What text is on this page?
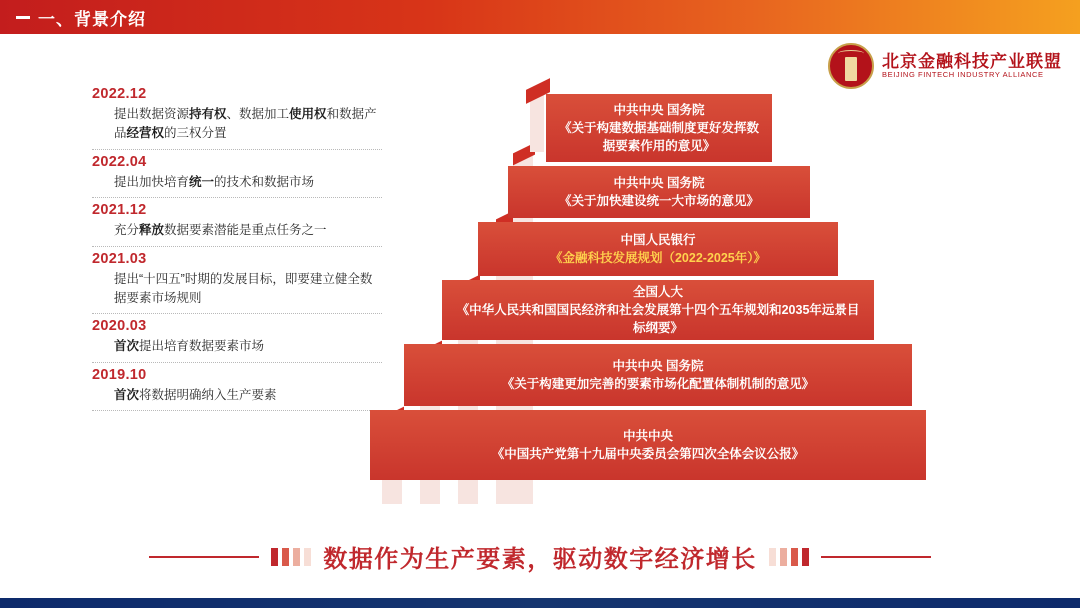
一、背景介绍
北京金融科技产业联盟
BEIJING FINTECH INDUSTRY ALLIANCE
2022.12
提出数据资源持有权、数据加工使用权和数据产品经营权的三权分置
2022.04
提出加快培育统一的技术和数据市场
2021.12
充分释放数据要素潜能是重点任务之一
2021.03
提出“十四五”时期的发展目标，即要建立健全数据要素市场规则
2020.03
首次提出培育数据要素市场
2019.10
首次将数据明确纳入生产要素
中共中央 国务院
《关于构建数据基础制度更好发挥数据要素作用的意见》
中共中央 国务院
《关于加快建设统一大市场的意见》
中国人民银行
《金融科技发展规划（2022-2025年）》
全国人大
《中华人民共和国国民经济和社会发展第十四个五年规划和2035年远景目标纲要》
中共中央 国务院
《关于构建更加完善的要素市场化配置体制机制的意见》
中共中央
《中国共产党第十九届中央委员会第四次全体会议公报》
数据作为生产要素，驱动数字经济增长
